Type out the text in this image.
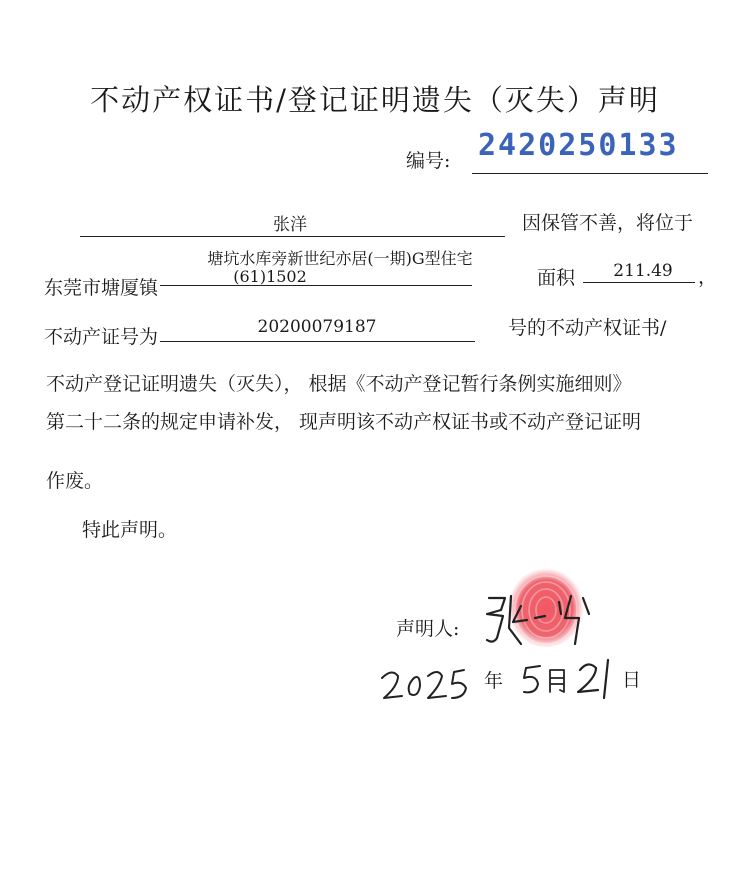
不动产权证书/登记证明遗失（灭失）声明
编号: 2420250133
张洋	因保管不善，将位于
东莞市塘厦镇
塘坑水库旁新世纪亦居(一期)G型住宅
(61)1502	面积	211.49	，
不动产证号为	20200079187	号的不动产权证书/
不动产登记证明遗失（灭失）， 根据《不动产登记暂行条例实施细则》
第二十二条的规定申请补发， 现声明该不动产权证书或不动产登记证明
作废。
特此声明。
声明人:
年	日
